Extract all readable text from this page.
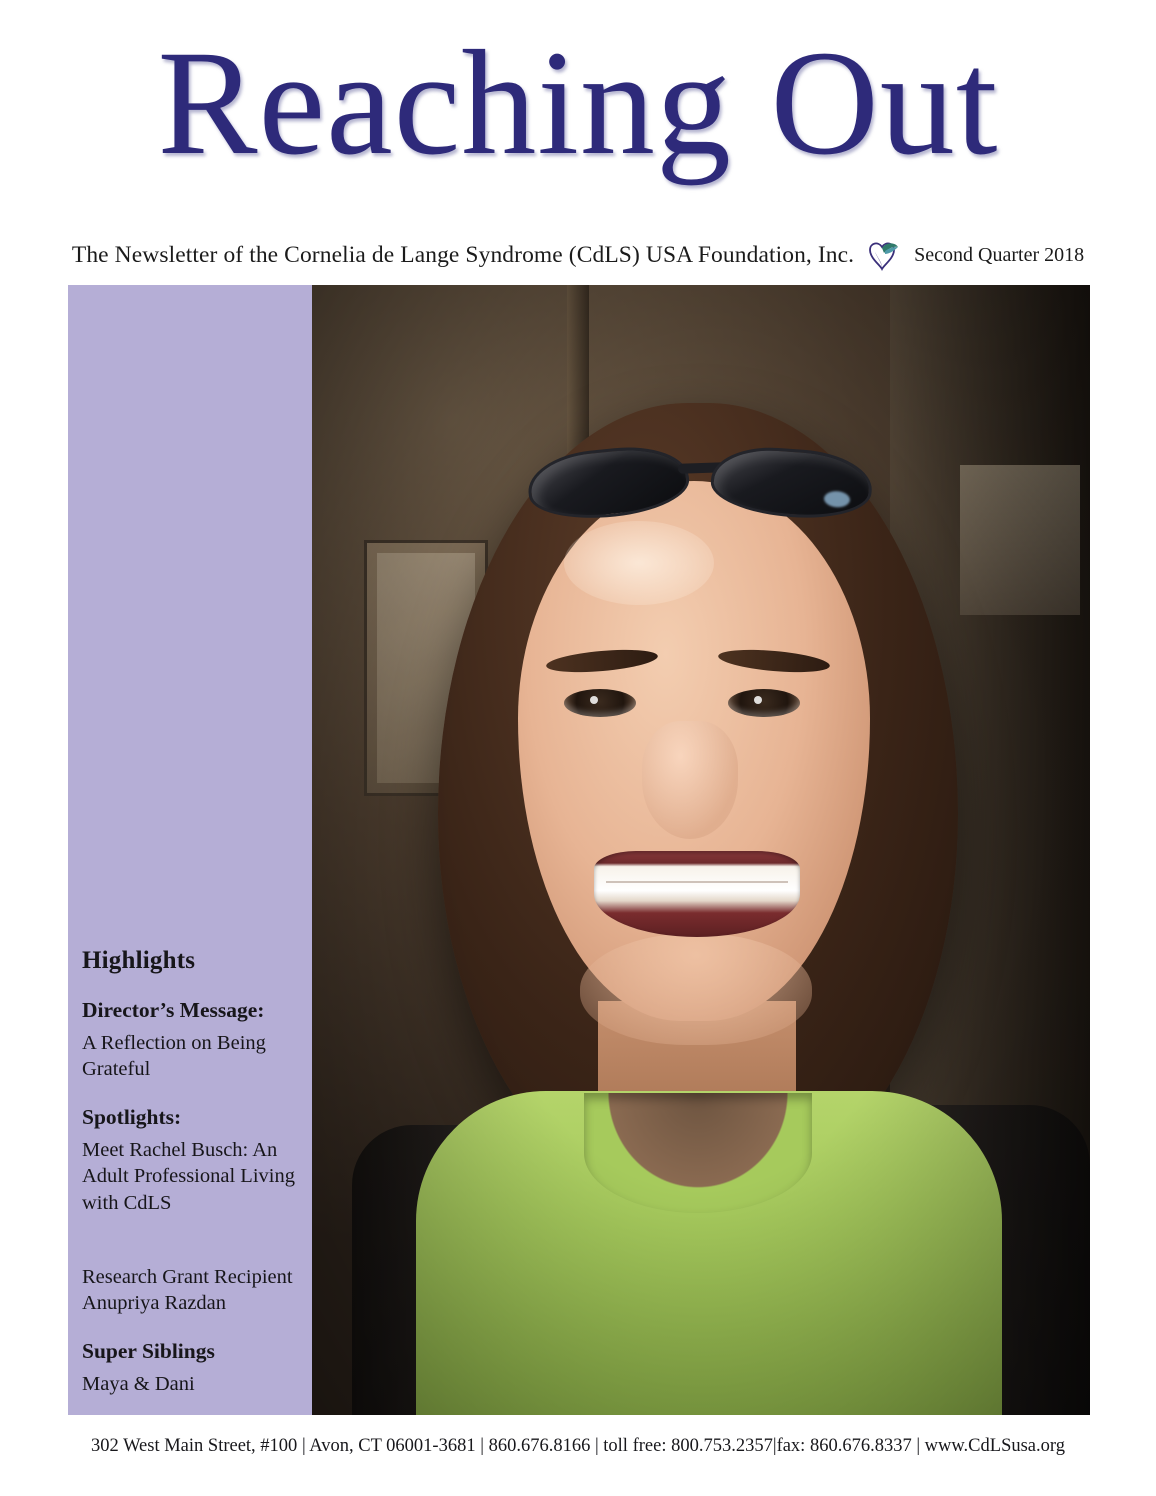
Reaching Out
The Newsletter of the Cornelia de Lange Syndrome (CdLS) USA Foundation, Inc.	Second Quarter 2018
Highlights

Director’s Message:

A Reflection on Being Grateful

Spotlights:

Meet Rachel Busch: An Adult Professional Living with CdLS

Research Grant Recipient Anupriya Razdan

Super Siblings

Maya & Dani

302 West Main Street, #100 | Avon, CT 06001-3681 | 860.676.8166 | toll free: 800.753.2357|fax: 860.676.8337 | www.CdLSusa.org
